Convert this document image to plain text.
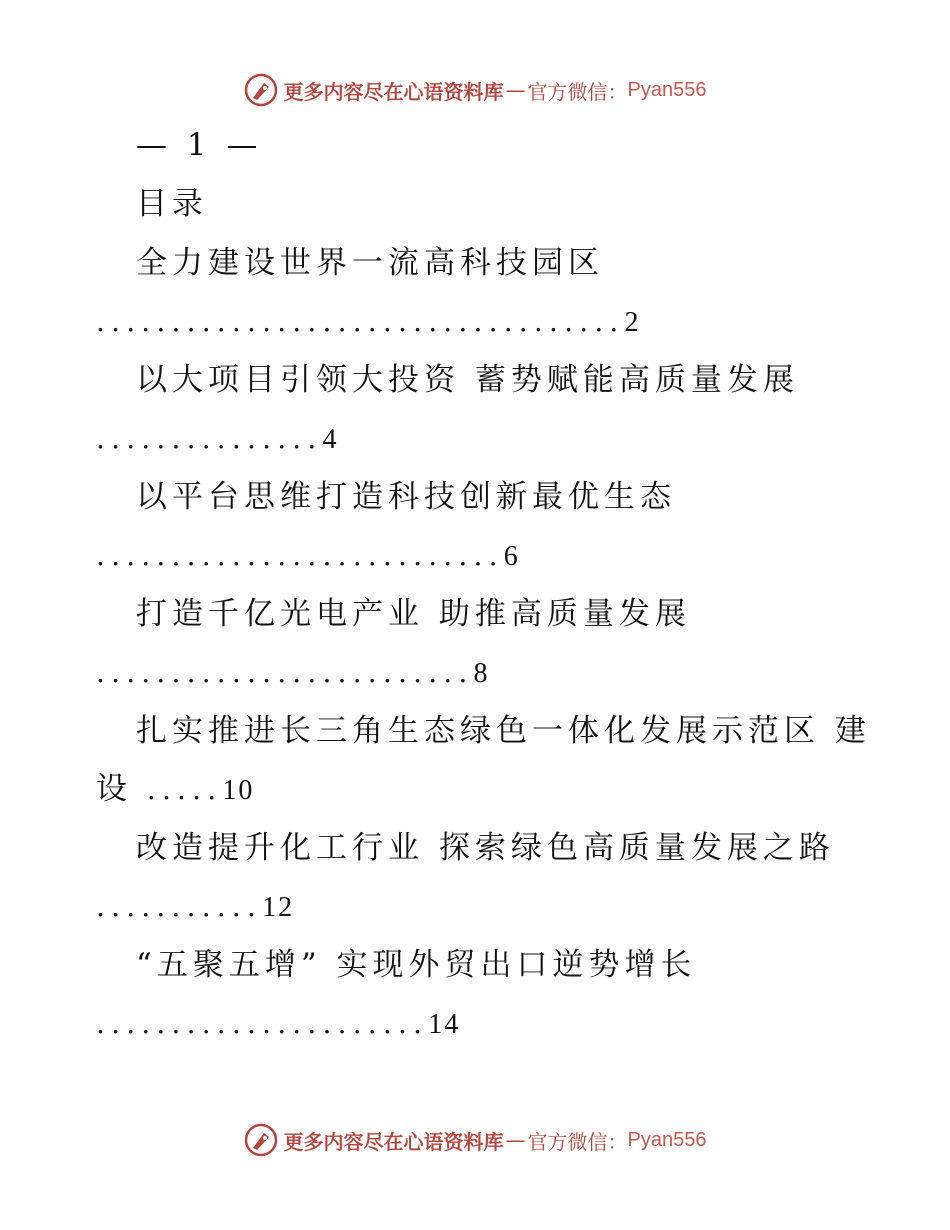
更多内容尽在心语资料库 — 官方微信： Pyan556
— 1 —
目录
全力建设世界一流高科技园区
...................................2
以大项目引领大投资 蓄势赋能高质量发展
...............4
以平台思维打造科技创新最优生态
...........................6
打造千亿光电产业 助推高质量发展
.........................8
扎实推进长三角生态绿色一体化发展示范区 建
设 .....10
改造提升化工行业 探索绿色高质量发展之路
...........12
“五聚五增” 实现外贸出口逆势增长
......................14
更多内容尽在心语资料库 — 官方微信： Pyan556
